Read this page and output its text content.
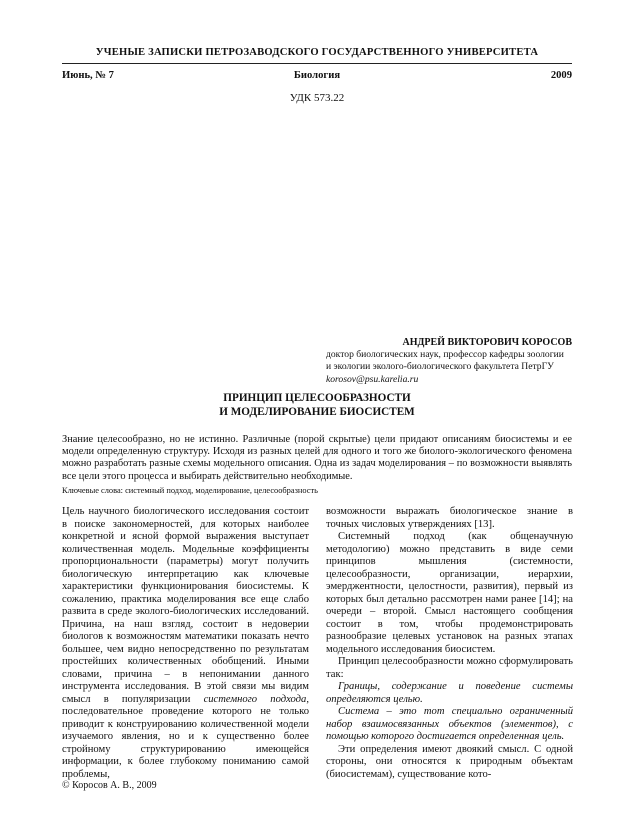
УЧЕНЫЕ ЗАПИСКИ ПЕТРОЗАВОДСКОГО ГОСУДАРСТВЕННОГО УНИВЕРСИТЕТА
Июнь, № 7	Биология	2009
УДК 573.22
АНДРЕЙ ВИКТОРОВИЧ КОРОСОВ
доктор биологических наук, профессор кафедры зоологии
и экологии эколого-биологического факультета ПетрГУ
korosov@psu.karelia.ru
ПРИНЦИП ЦЕЛЕСООБРАЗНОСТИ
И МОДЕЛИРОВАНИЕ БИОСИСТЕМ
Знание целесообразно, но не истинно. Различные (порой скрытые) цели придают описаниям биосистемы и ее модели определенную структуру. Исходя из разных целей для одного и того же биолого-экологического феномена можно разработать разные схемы модельного описания. Одна из задач моделирования – по возможности выявлять все цели этого процесса и выбирать действительно необходимые.
Ключевые слова: системный подход, моделирование, целесообразность

Цель научного биологического исследования состоит в поиске закономерностей, для которых наиболее конкретной и ясной формой выражения выступает количественная модель. Модельные коэффициенты пропорциональности (параметры) могут получить биологическую интерпретацию как ключевые характеристики функционирования биосистемы. К сожалению, практика моделирования все еще слабо развита в среде эколого-биологических исследований. Причина, на наш взгляд, состоит в недоверии биологов к возможностям математики показать нечто большее, чем видно непосредственно по результатам простейших количественных обобщений. Иными словами, причина – в непонимании данного инструмента исследования. В этой связи мы видим смысл в популяризации системного подхода, последовательное проведение которого не только приводит к конструированию количественной модели изучаемого явления, но и к существенно более стройному структурированию имеющейся информации, к более глубокому пониманию самой проблемы,

возможности выражать биологическое знание в точных числовых утверждениях [13].

Системный подход (как общенаучную методологию) можно представить в виде семи принципов мышления (системности, целесообразности, организации, иерархии, эмерджентности, целостности, развития), первый из которых был детально рассмотрен нами ранее [14]; на очереди – второй. Смысл настоящего сообщения состоит в том, чтобы продемонстрировать разнообразие целевых установок на разных этапах модельного исследования биосистем.

Принцип целесообразности можно сформулировать так:

Границы, содержание и поведение системы определяются целью.

Система – это тот специально ограниченный набор взаимосвязанных объектов (элементов), с помощью которого достигается определенная цель.

Эти определения имеют двоякий смысл. С одной стороны, они относятся к природным объектам (биосистемам), существование кото-

© Коросов А. В., 2009
